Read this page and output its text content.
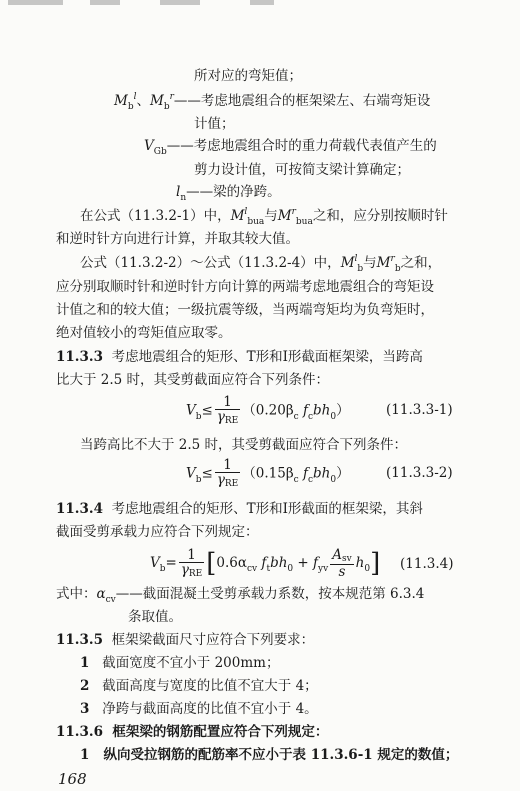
所对应的弯矩值；
$M_b^l$、$M_b^r——$考虑地震组合的框架梁左、右端弯矩设
计值；
$V_{Gb}——$考虑地震组合时的重力荷载代表值产生的
剪力设计值，可按简支梁计算确定；
$l_n——$梁的净跨。
在公式（11.3.2-1）中，$M^l_{bua}$与$M^r_{bua}$之和，应分别按顺时针
和逆时针方向进行计算，并取其较大值。
公式（11.3.2-2）～公式（11.3.2-4）中，$M^l_b$与$M^r_b$之和，
应分别取顺时针和逆时针方向计算的两端考虑地震组合的弯矩设
计值之和的较大值；一级抗震等级，当两端弯矩均为负弯矩时，
绝对值较小的弯矩值应取零。
11.3.3 考虑地震组合的矩形、T形和I形截面框架梁，当跨高
比大于 2.5 时，其受剪截面应符合下列条件：
$V_b\le \frac{1}{\text{γRE}} (0.20\beta_c$ $f_cbh_0$）	(11.3.3-1)
当跨高比不大于 2.5 时，其受剪截面应符合下列条件：
$V_b\le \frac{1}{\text{γRE}} (0.15\beta_c$ $f_cbh_0$）	(11.3.3-2)
11.3.4 考虑地震组合的矩形、T形和I形截面的框架梁，其斜
截面受剪承载力应符合下列规定：
$V_b= \frac{1}{\text{γRE}} [0.6\alpha_{cv}$ $f_tbh_0 + f_{yv} \frac{\text{Asv}}{s} h_0$] (11.3.4)
式中：$\alpha_{cv}——$截面混凝土受剪承载力系数，按本规范第 6.3.4
条取值。
11.3.5 框架梁截面尺寸应符合下列要求：
1 截面宽度不宜小于 200mm；
2 截面高度与宽度的比值不宜大于 4；
3 净跨与截面高度的比值不宜小于 4。
11.3.6 框架梁的钢筋配置应符合下列规定：
1 纵向受拉钢筋的配筋率不应小于表 11.3.6-1 规定的数值；
168
